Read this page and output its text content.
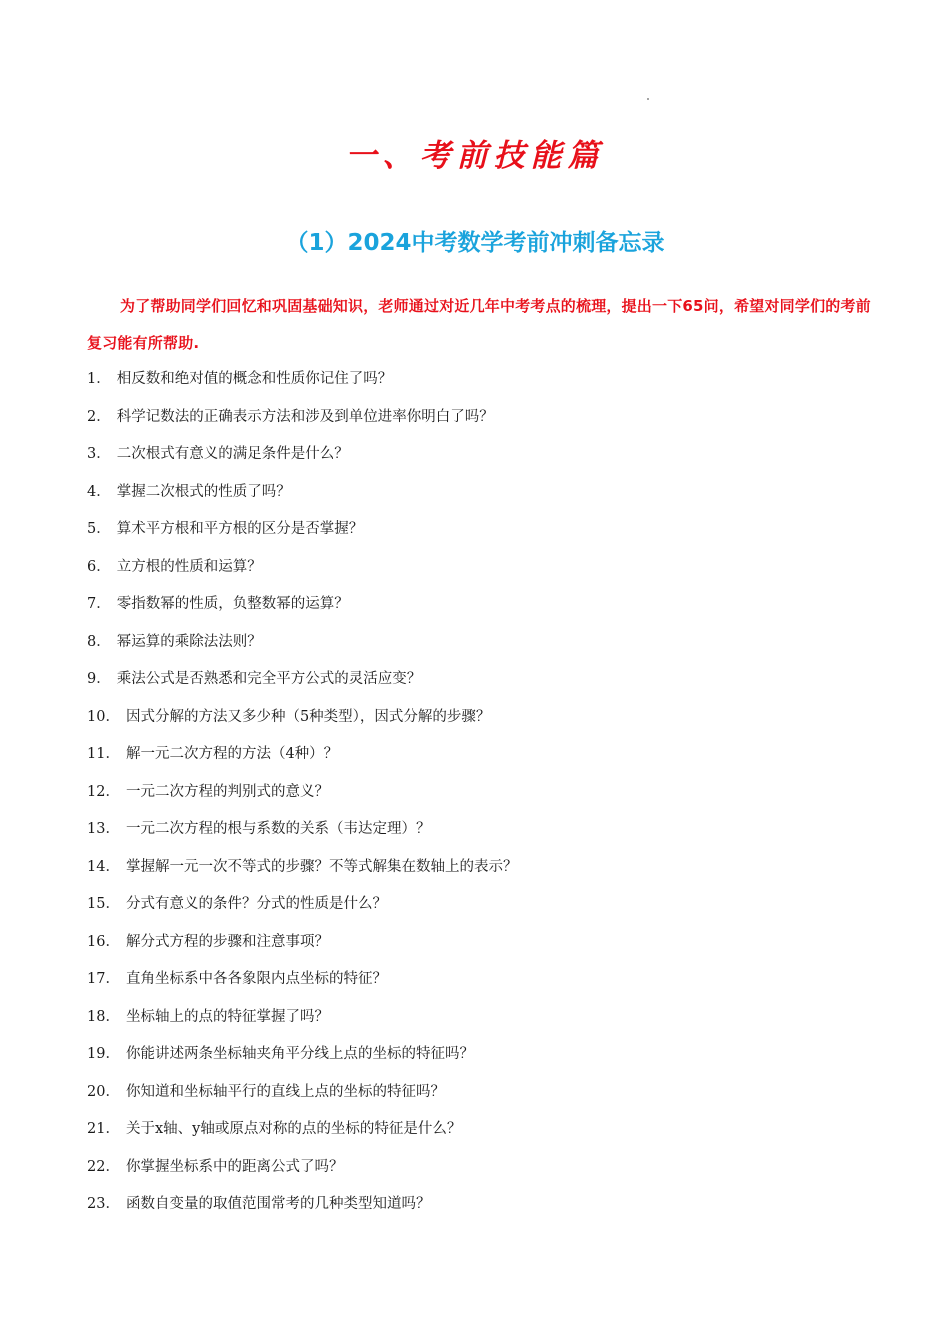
一、考前技能篇
（1）2024中考数学考前冲刺备忘录
为了帮助同学们回忆和巩固基础知识，老师通过对近几年中考考点的梳理，提出一下65问，希望对同学们的考前复习能有所帮助.
1． 相反数和绝对值的概念和性质你记住了吗？
2． 科学记数法的正确表示方法和涉及到单位进率你明白了吗？
3． 二次根式有意义的满足条件是什么？
4． 掌握二次根式的性质了吗？
5． 算术平方根和平方根的区分是否掌握？
6． 立方根的性质和运算？
7． 零指数幂的性质，负整数幂的运算？
8． 幂运算的乘除法法则？
9． 乘法公式是否熟悉和完全平方公式的灵活应变？
10． 因式分解的方法又多少种（5种类型），因式分解的步骤？
11． 解一元二次方程的方法（4种）？
12． 一元二次方程的判别式的意义？
13． 一元二次方程的根与系数的关系（韦达定理）？
14． 掌握解一元一次不等式的步骤？不等式解集在数轴上的表示？
15． 分式有意义的条件？分式的性质是什么？
16． 解分式方程的步骤和注意事项？
17． 直角坐标系中各各象限内点坐标的特征？
18． 坐标轴上的点的特征掌握了吗？
19． 你能讲述两条坐标轴夹角平分线上点的坐标的特征吗？
20． 你知道和坐标轴平行的直线上点的坐标的特征吗？
21． 关于x轴、y轴或原点对称的点的坐标的特征是什么？
22． 你掌握坐标系中的距离公式了吗？
23． 函数自变量的取值范围常考的几种类型知道吗？
